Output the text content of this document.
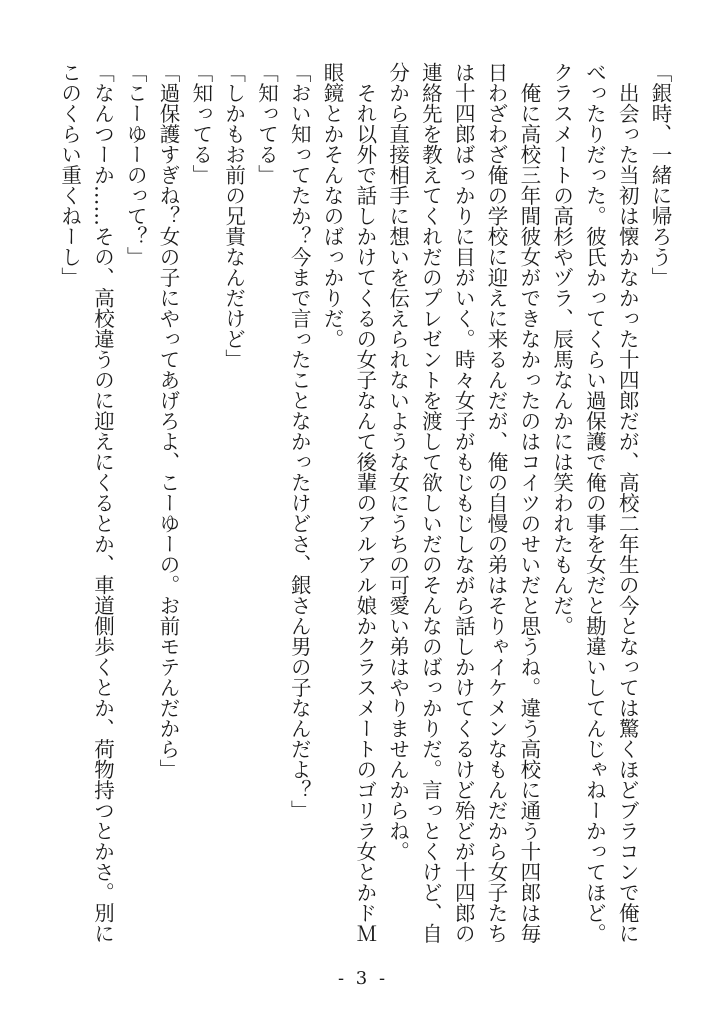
「銀時、一緒に帰ろう」

　出会った当初は懐かなかった十四郎だが、高校二年生の今となっては驚くほどブラコンで俺にべったりだった。彼氏かってくらい過保護で俺の事を女だと勘違いしてんじゃねーかってほど。クラスメートの高杉やヅラ、辰馬なんかには笑われたもんだ。

　俺に高校三年間彼女ができなかったのはコイツのせいだと思うね。違う高校に通う十四郎は毎日わざわざ俺の学校に迎えに来るんだが、俺の自慢の弟はそりゃイケメンなもんだから女子たちは十四郎ばっかりに目がいく。時々女子がもじもじしながら話しかけてくるけど殆どが十四郎の連絡先を教えてくれだのプレゼントを渡して欲しいだのそんなのばっかりだ。言っとくけど、自分から直接相手に想いを伝えられないような女にうちの可愛い弟はやりませんからね。

　それ以外で話しかけてくるの女子なんて後輩のアルアル娘かクラスメートのゴリラ女とかドＭ眼鏡とかそんなのばっかりだ。

「おい知ってたか？今まで言ったことなかったけどさ、銀さん男の子なんだよ？」

「知ってる」

「しかもお前の兄貴なんだけど」

「知ってる」

「過保護すぎね？女の子にやってあげろよ、こーゆーの。お前モテんだから」

「こーゆーのって？」

「なんつーか……その、高校違うのに迎えにくるとか、車道側歩くとか、荷物持つとかさ。別にこのくらい重くねーし」

- 3 -
